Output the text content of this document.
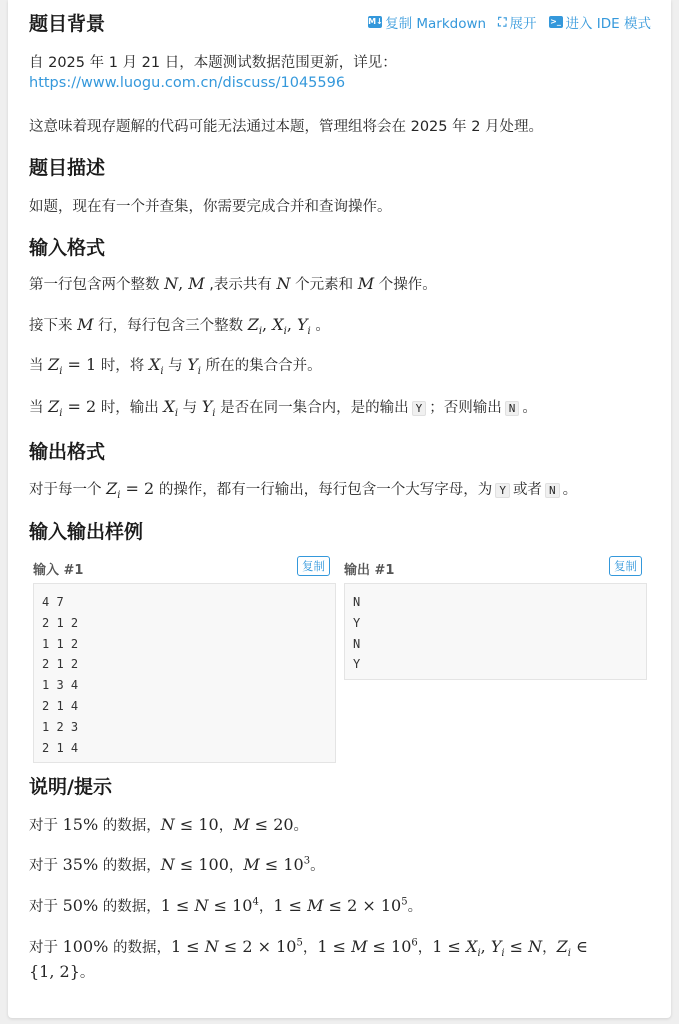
M↓ 复制 Markdown ⛶ 展开 >_ 进入 IDE 模式
题目背景
自 2025 年 1 月 21 日，本题测试数据范围更新，详见：
https://www.luogu.com.cn/discuss/1045596
这意味着现存题解的代码可能无法通过本题，管理组将会在 2025 年 2 月处理。
题目描述
如题，现在有一个并查集，你需要完成合并和查询操作。
输入格式
第一行包含两个整数 N, M ,表示共有 N 个元素和 M 个操作。
接下来 M 行，每行包含三个整数 $Z_i$, $X_i$, $Y_i$ 。
当 $Z_i = 1$ 时，将 $X_i$ 与 $Y_i$ 所在的集合合并。
当 $Z_i = 2$ 时，输出 $X_i$ 与 $Y_i$ 是否在同一集合内，是的输出 Y ；否则输出 N 。
输出格式
对于每一个 $Z_i = 2$ 的操作，都有一行输出，每行包含一个大写字母，为 Y 或者 N 。
输入输出样例
输入 #1	复制
4 7
2 1 2
1 1 2
2 1 2
1 3 4
2 1 4
1 2 3
2 1 4
输出 #1	复制
N
Y
N
Y
说明/提示
对于 15% 的数据，N ≤ 10，M ≤ 20。
对于 35% 的数据，N ≤ 100，$M \le 10^3$。
对于 50% 的数据，$1 \le N \le 10^4$，$1 \le M \le 2 \times 10^5$。
对于 100% 的数据，$1 \le N \le 2 \times 10^5$，$1 \le M \le 10^6$，$1 \le X_i$, $Y_i \le N$，$Z_i$ ∈
{1, 2}。
